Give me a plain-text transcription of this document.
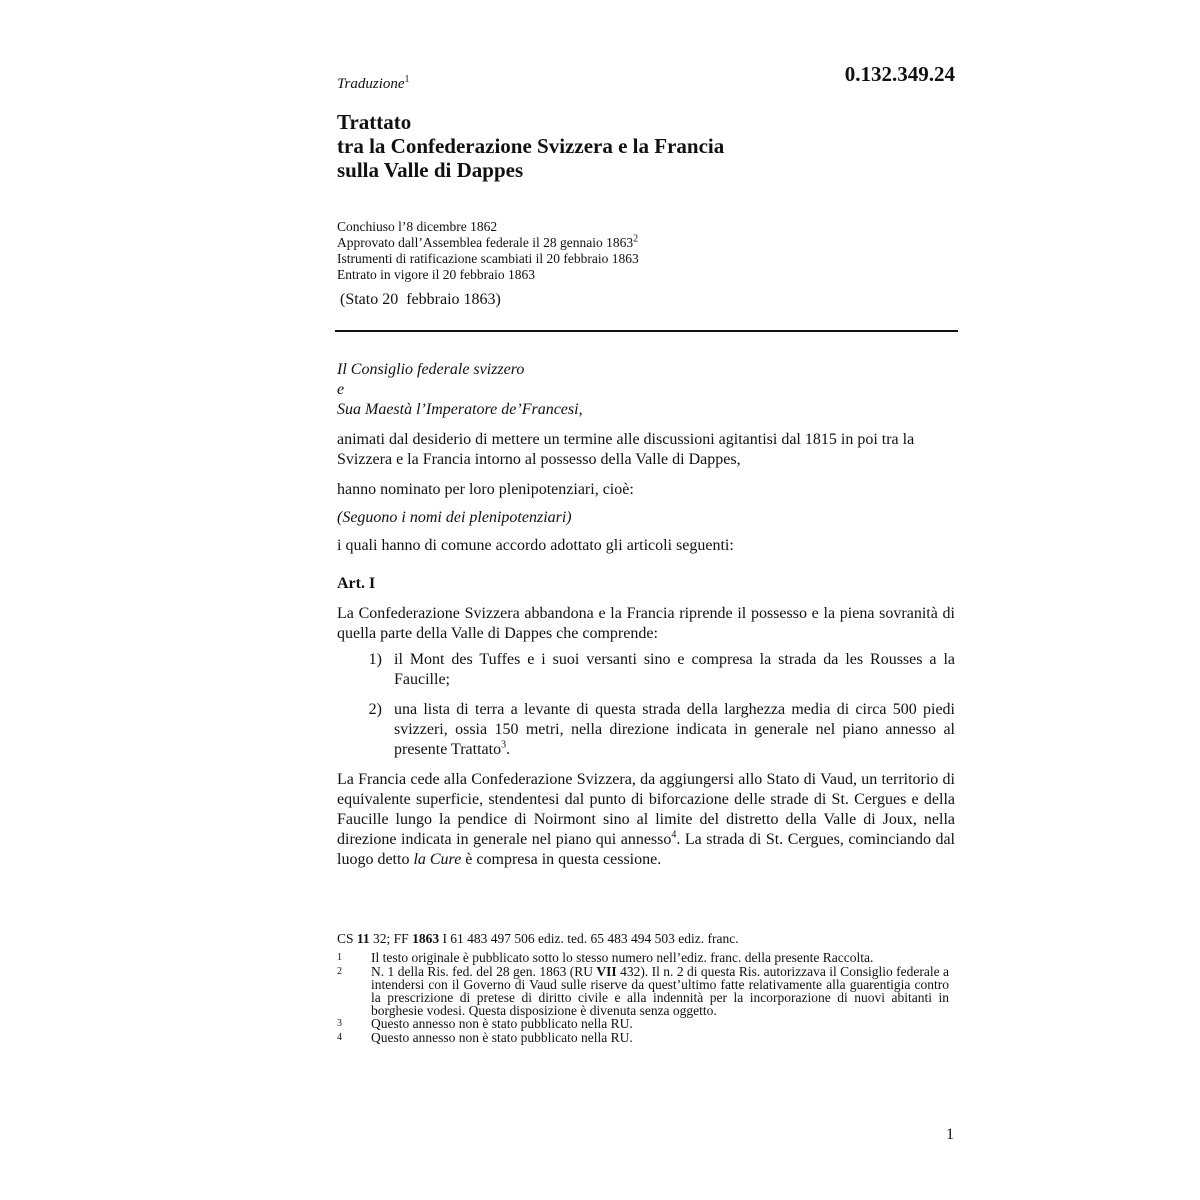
Traduzione$^1$	0.132.349.24
Trattato
tra la Confederazione Svizzera e la Francia
sulla Valle di Dappes
Conchiuso l’8 dicembre 1862
Approvato dall’Assemblea federale il 28 gennaio 1863$^2$
Istrumenti di ratificazione scambiati il 20 febbraio 1863
Entrato in vigore il 20 febbraio 1863
(Stato 20  febbraio 1863)

Il Consiglio federale svizzero

e

Sua Maestà l’Imperatore de’Francesi,

animati dal desiderio di mettere un termine alle discussioni agitantisi dal 1815 in poi tra la Svizzera e la Francia intorno al possesso della Valle di Dappes,

hanno nominato per loro plenipotenziari, cioè:

(Seguono i nomi dei plenipotenziari)

i quali hanno di comune accordo adottato gli articoli seguenti:

Art. I

La Confederazione Svizzera abbandona e la Francia riprende il possesso e la piena sovranità di quella parte della Valle di Dappes che comprende:

1) il Mont des Tuffes e i suoi versanti sino e compresa la strada da les Rousses a la Faucille;
2) una lista di terra a levante di questa strada della larghezza media di circa 500 piedi svizzeri, ossia 150 metri, nella direzione indicata in generale nel piano annesso al presente Trattato$^3$.

La Francia cede alla Confederazione Svizzera, da aggiungersi allo Stato di Vaud, un territorio di equivalente superficie, stendentesi dal punto di biforcazione delle strade di St. Cergues e della Faucille lungo la pendice di Noirmont sino al limite del distretto della Valle di Joux, nella direzione indicata in generale nel piano qui annesso$^4$. La strada di St. Cergues, cominciando dal luogo detto la Cure è compresa in questa cessione.

CS 11 32; FF 1863 I 61 483 497 506 ediz. ted. 65 483 494 503 ediz. franc.
1	Il testo originale è pubblicato sotto lo stesso numero nell’ediz. franc. della presente Raccolta.
2	N. 1 della Ris. fed. del 28 gen. 1863 (RU VII 432). Il n. 2 di questa Ris. autorizzava il Consiglio federale a intendersi con il Governo di Vaud sulle riserve da quest’ultimo fatte relativamente alla guarentigia contro la prescrizione di pretese di diritto civile e alla indennità per la incorporazione di nuovi abitanti in borghesie vodesi. Questa disposizione è divenuta senza oggetto.
3	Questo annesso non è stato pubblicato nella RU.
4	Questo annesso non è stato pubblicato nella RU.
1
